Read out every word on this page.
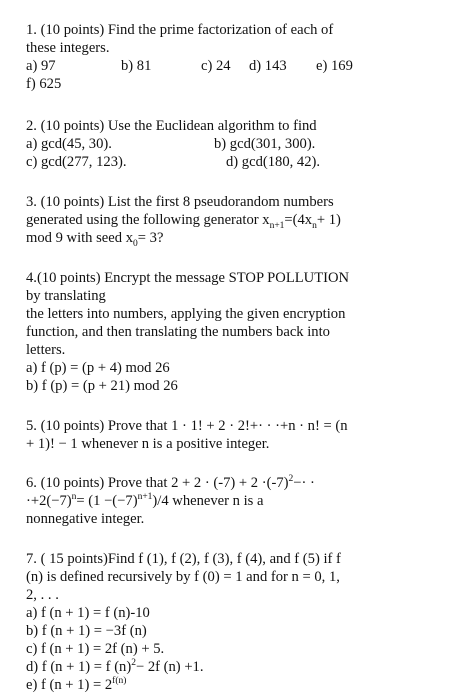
1. (10 points) Find the prime factorization of each of
these integers.
a) 97	b) 81	c) 24 d) 143 e) 169
f) 625
2. (10 points) Use the Euclidean algorithm to find
a) gcd(45, 30).	b) gcd(301, 300).
c) gcd(277, 123).	d) gcd(180, 42).
3. (10 points) List the first 8 pseudorandom numbers
generated using the following generator $x_{n+1}=(4x_n+ 1)$
mod 9 with seed $x_0= 3$?
4.(10 points) Encrypt the message STOP POLLUTION
by translating
the letters into numbers, applying the given encryption
function, and then translating the numbers back into
letters.
a) f (p) = (p + 4) mod 26
b) f (p) = (p + 21) mod 26
5. (10 points) Prove that 1 · 1! + 2 · 2!+· · ·+n · n! = (n
+ 1)! − 1 whenever n is a positive integer.
6. (10 points) Prove that $2 + 2 \cdot (-7) + 2 \cdot(-7)^2-\cdot$ ·
$\cdot+2(-7)^n= (1 -(-7)^{n+1})/4$ whenever n is a
nonnegative integer.
7. ( 15 points)Find f (1), f (2), f (3), f (4), and f (5) if f
(n) is defined recursively by f (0) = 1 and for n = 0, 1,
2, . . .
a) f (n + 1) = f (n)-10
b) f (n + 1) = −3f (n)
c) f (n + 1) = 2f (n) + 5.
d) f (n + 1) = f $(n)^2- 2f$ (n) +1.
e) f $(n + 1) = 2^{f(n)}$
